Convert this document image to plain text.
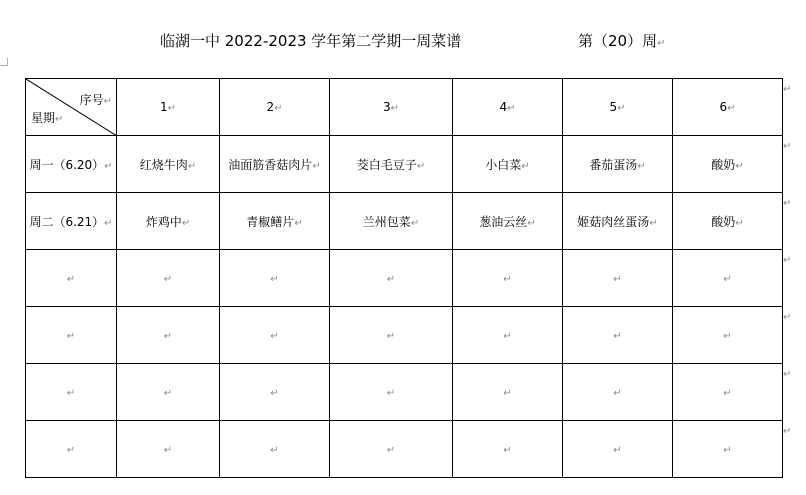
临湖一中 2022-2023 学年第二学期一周菜谱	第（20）周↵
序号↵
星期↵	1↵	2↵	3↵	4↵	5↵	6↵
周一（6.20）↵	红烧牛肉↵	油面筋香菇肉片↵	茭白毛豆子↵	小白菜↵	番茄蛋汤↵	酸奶↵
周二（6.21）↵	炸鸡中↵	青椒鳝片↵	兰州包菜↵	葱油云丝↵	姬菇肉丝蛋汤↵	酸奶↵
↵	↵	↵	↵	↵	↵	↵
↵	↵	↵	↵	↵	↵	↵
↵	↵	↵	↵	↵	↵	↵
↵	↵	↵	↵	↵	↵	↵
↵
↵
↵
↵
↵
↵
↵
